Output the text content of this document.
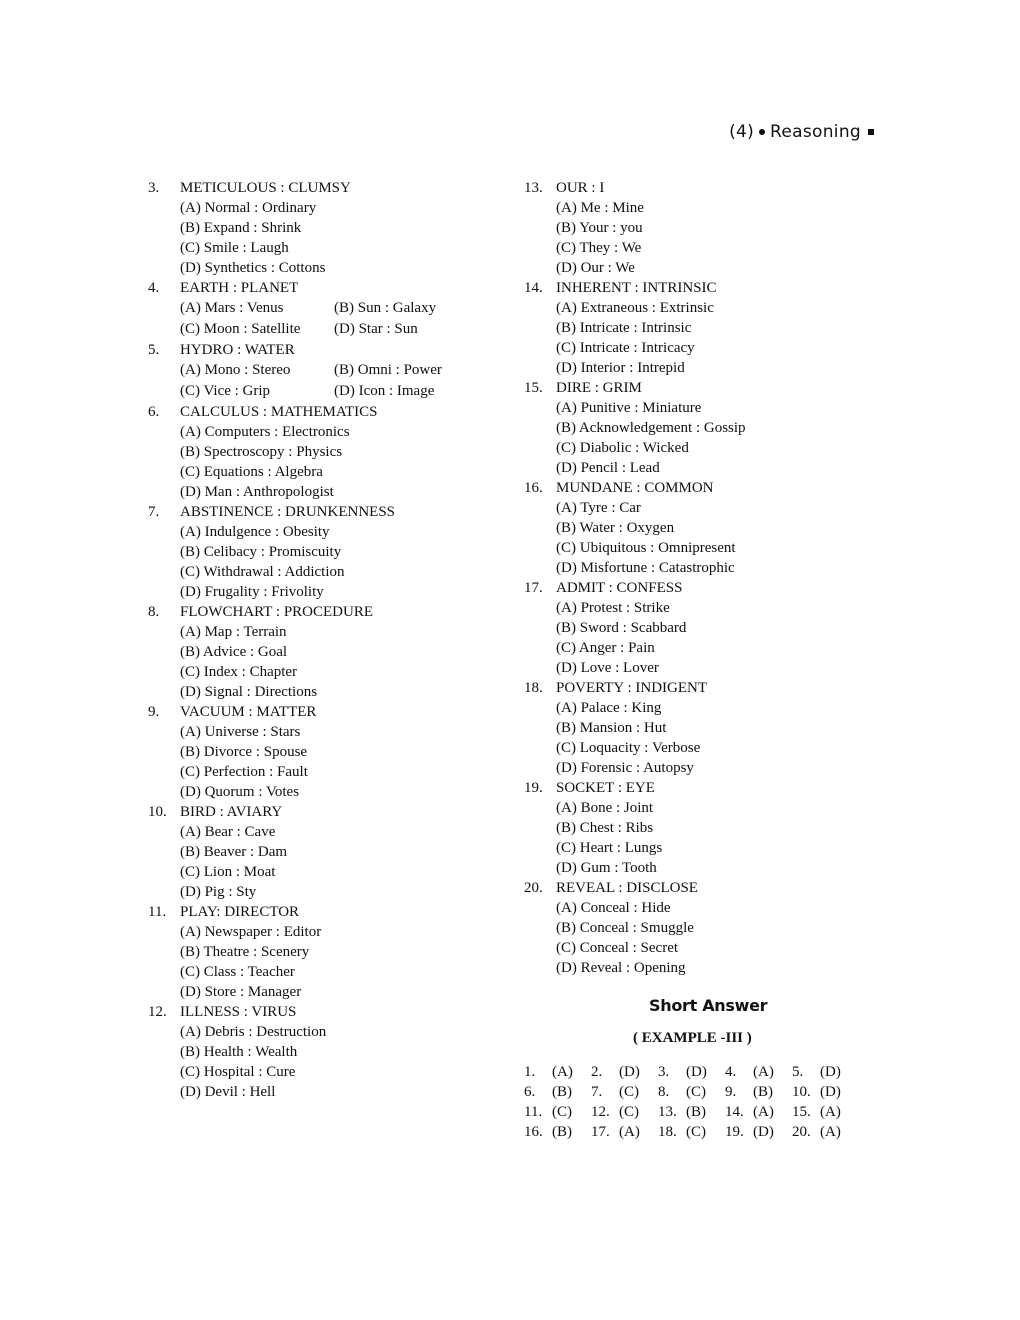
(4) Reasoning
3.	METICULOUS : CLUMSY
(A) Normal : Ordinary
(B) Expand : Shrink
(C) Smile : Laugh
(D) Synthetics : Cottons
4.	EARTH : PLANET
(A) Mars : Venus	(B) Sun : Galaxy
(C) Moon : Satellite	(D) Star : Sun
5.	HYDRO : WATER
(A) Mono : Stereo	(B) Omni : Power
(C) Vice : Grip	(D) Icon : Image
6.	CALCULUS : MATHEMATICS
(A) Computers : Electronics
(B) Spectroscopy : Physics
(C) Equations : Algebra
(D) Man : Anthropologist
7.	ABSTINENCE : DRUNKENNESS
(A) Indulgence : Obesity
(B) Celibacy : Promiscuity
(C) Withdrawal : Addiction
(D) Frugality : Frivolity
8.	FLOWCHART : PROCEDURE
(A) Map : Terrain
(B) Advice : Goal
(C) Index : Chapter
(D) Signal : Directions
9.	VACUUM : MATTER
(A) Universe : Stars
(B) Divorce : Spouse
(C) Perfection : Fault
(D) Quorum : Votes
10. BIRD : AVIARY
(A) Bear : Cave
(B) Beaver : Dam
(C) Lion : Moat
(D) Pig : Sty
11. PLAY: DIRECTOR
(A) Newspaper : Editor
(B) Theatre : Scenery
(C) Class : Teacher
(D) Store : Manager
12. ILLNESS : VIRUS
(A) Debris : Destruction
(B) Health : Wealth
(C) Hospital : Cure
(D) Devil : Hell
13. OUR : I
(A) Me : Mine
(B) Your : you
(C) They : We
(D) Our : We
14. INHERENT : INTRINSIC
(A) Extraneous : Extrinsic
(B) Intricate : Intrinsic
(C) Intricate : Intricacy
(D) Interior : Intrepid
15. DIRE : GRIM
(A) Punitive : Miniature
(B) Acknowledgement : Gossip
(C) Diabolic : Wicked
(D) Pencil : Lead
16. MUNDANE : COMMON
(A) Tyre : Car
(B) Water : Oxygen
(C) Ubiquitous : Omnipresent
(D) Misfortune : Catastrophic
17. ADMIT : CONFESS
(A) Protest : Strike
(B) Sword : Scabbard
(C) Anger : Pain
(D) Love : Lover
18. POVERTY : INDIGENT
(A) Palace : King
(B) Mansion : Hut
(C) Loquacity : Verbose
(D) Forensic : Autopsy
19. SOCKET : EYE
(A) Bone : Joint
(B) Chest : Ribs
(C) Heart : Lungs
(D) Gum : Tooth
20. REVEAL : DISCLOSE
(A) Conceal : Hide
(B) Conceal : Smuggle
(C) Conceal : Secret
(D) Reveal : Opening
Short Answer
( EXAMPLE -III )
1.	(A)	2.	(D)	3.	(D)	4.	(A)	5.	(D)
6.	(B)	7.	(C)	8.	(C)	9.	(B)	10. (D)
11. (C)	12. (C)	13. (B)	14. (A)	15. (A)
16. (B)	17. (A)	18. (C)	19. (D)	20. (A)
